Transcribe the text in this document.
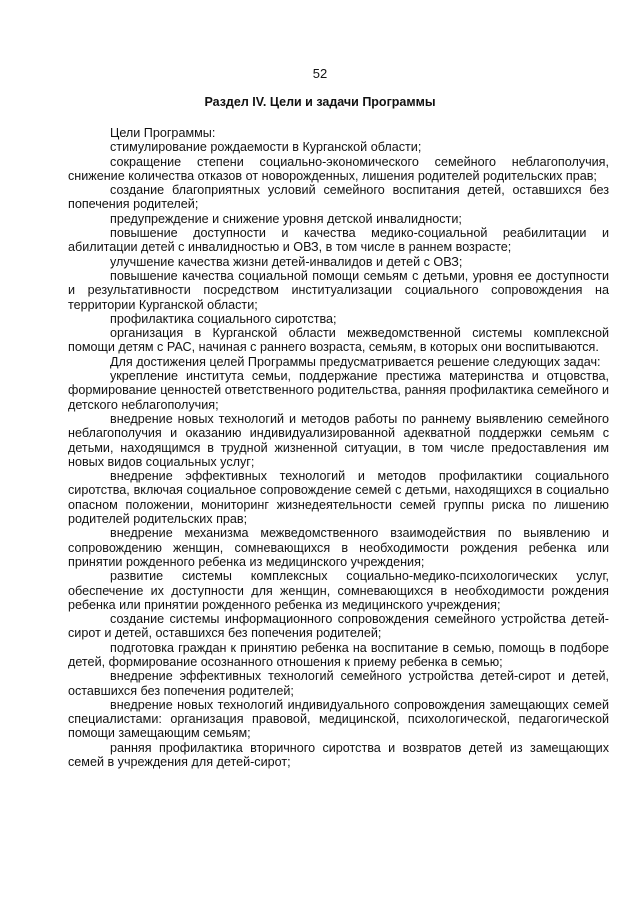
52
Раздел IV. Цели и задачи Программы

Цели Программы:

стимулирование рождаемости в Курганской области;

сокращение степени социально-экономического семейного неблагополучия, снижение количества отказов от новорожденных, лишения родителей родительских прав;

создание благоприятных условий семейного воспитания детей, оставшихся без попечения родителей;

предупреждение и снижение уровня детской инвалидности;

повышение доступности и качества медико-социальной реабилитации и абилитации детей с инвалидностью и ОВЗ, в том числе в раннем возрасте;

улучшение качества жизни детей-инвалидов и детей с ОВЗ;

повышение качества социальной помощи семьям с детьми, уровня ее доступности и результативности посредством институализации социального сопровождения на территории Курганской области;

профилактика социального сиротства;

организация в Курганской области межведомственной системы комплексной помощи детям с РАС, начиная с раннего возраста, семьям, в которых они воспитываются.

Для достижения целей Программы предусматривается решение следующих задач:

укрепление института семьи, поддержание престижа материнства и отцовства, формирование ценностей ответственного родительства, ранняя профилактика семейного и детского неблагополучия;

внедрение новых технологий и методов работы по раннему выявлению семейного неблагополучия и оказанию индивидуализированной адекватной поддержки семьям с детьми, находящимся в трудной жизненной ситуации, в том числе предоставления им новых видов социальных услуг;

внедрение эффективных технологий и методов профилактики социального сиротства, включая социальное сопровождение семей с детьми, находящихся в социально опасном положении, мониторинг жизнедеятельности семей группы риска по лишению родителей родительских прав;

внедрение механизма межведомственного взаимодействия по выявлению и сопровождению женщин, сомневающихся в необходимости рождения ребенка или принятии рожденного ребенка из медицинского учреждения;

развитие системы комплексных социально-медико-психологических услуг, обеспечение их доступности для женщин, сомневающихся в необходимости рождения ребенка или принятии рожденного ребенка из медицинского учреждения;

создание системы информационного сопровождения семейного устройства детей-сирот и детей, оставшихся без попечения родителей;

подготовка граждан к принятию ребенка на воспитание в семью, помощь в подборе детей, формирование осознанного отношения к приему ребенка в семью;

внедрение эффективных технологий семейного устройства детей-сирот и детей, оставшихся без попечения родителей;

внедрение новых технологий индивидуального сопровождения замещающих семей специалистами: организация правовой, медицинской, психологической, педагогической помощи замещающим семьям;

ранняя профилактика вторичного сиротства и возвратов детей из замещающих семей в учреждения для детей-сирот;
